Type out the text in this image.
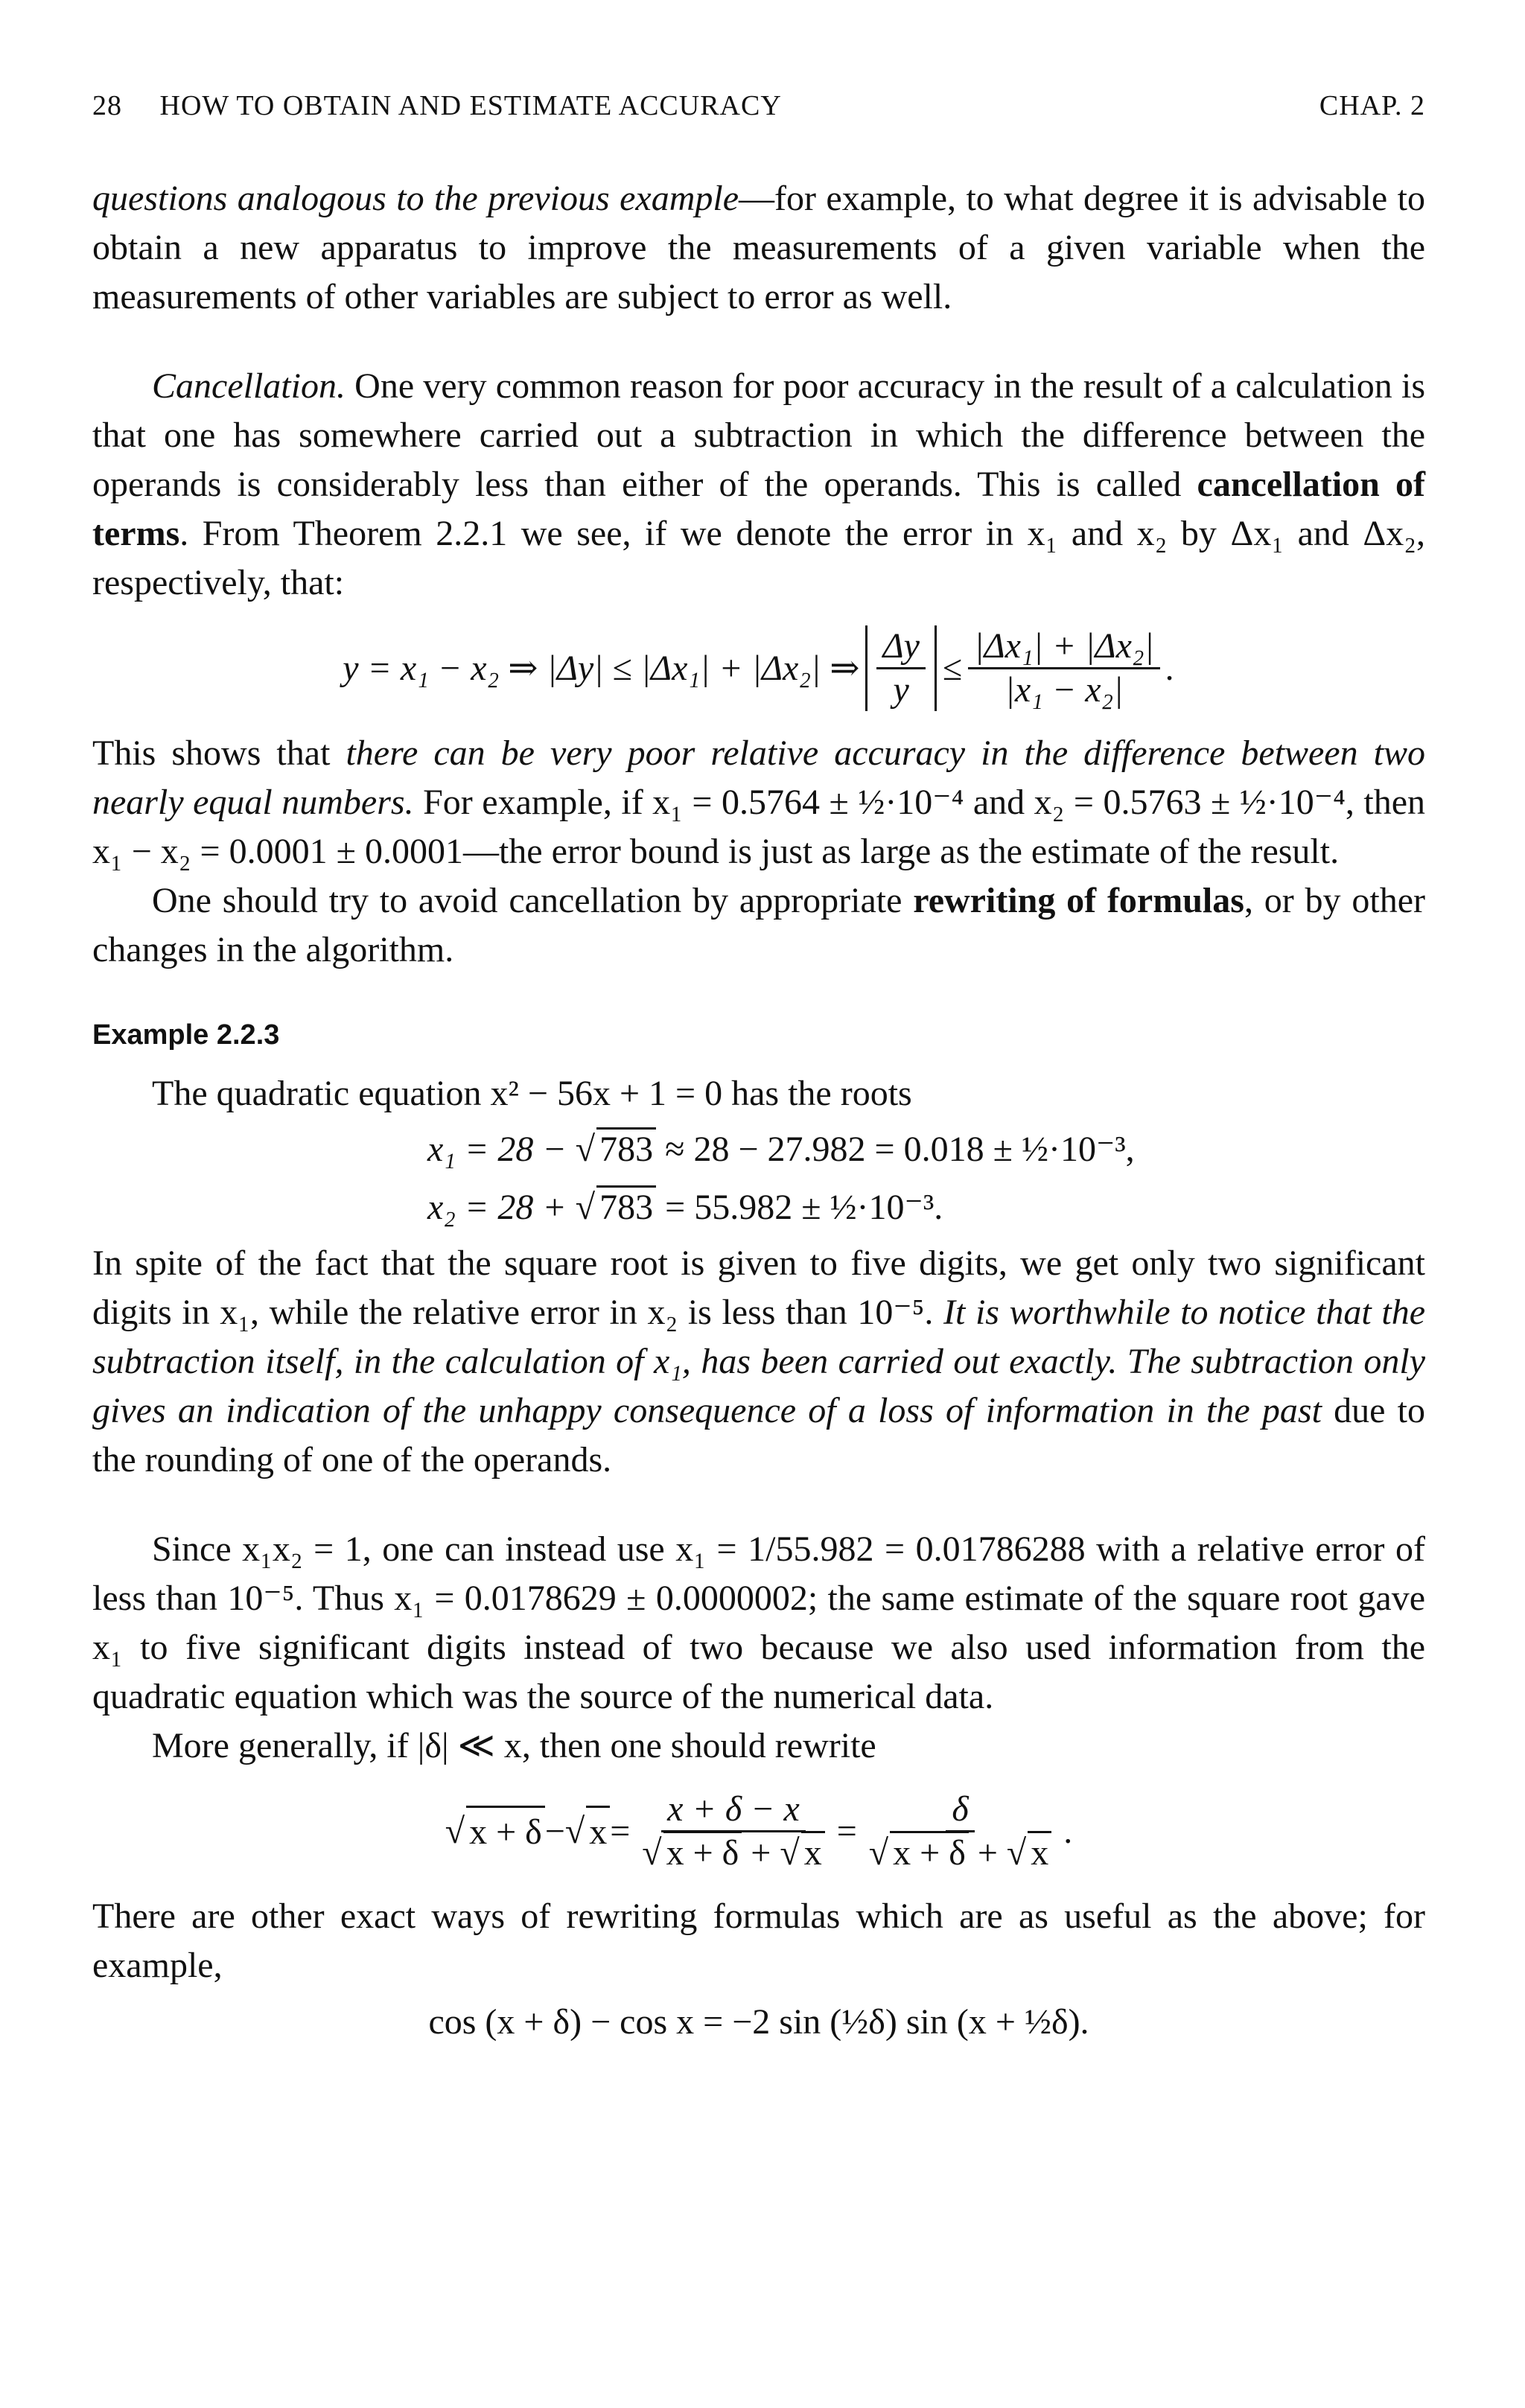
28 HOW TO OBTAIN AND ESTIMATE ACCURACY	CHAP. 2

questions analogous to the previous example—for example, to what degree it is advisable to obtain a new apparatus to improve the measurements of a given variable when the measurements of other variables are subject to error as well.

Cancellation. One very common reason for poor accuracy in the result of a calculation is that one has somewhere carried out a subtraction in which the difference between the operands is considerably less than either of the operands. This is called cancellation of terms. From Theorem 2.2.1 we see, if we denote the error in x₁ and x₂ by Δx₁ and Δx₂, respectively, that:

y = x₁ − x₂ ⇒ |Δy| ≤ |Δx₁| + |Δx₂| ⇒ $\frac{\Delta y}{y} \le \frac{\text{|Δx₁| + |Δx₂|}}{\text{|x₁ − x₂|}}$ .

This shows that there can be very poor relative accuracy in the difference between two nearly equal numbers. For example, if x₁ = 0.5764 ± ½·10⁻⁴ and x₂ = 0.5763 ± ½·10⁻⁴, then x₁ − x₂ = 0.0001 ± 0.0001—the error bound is just as large as the estimate of the result.

One should try to avoid cancellation by appropriate rewriting of formulas, or by other changes in the algorithm.

Example 2.2.3

The quadratic equation x² − 56x + 1 = 0 has the roots

x₁ = 28 − √ 783 ≈ 28 − 27.982 = 0.018 ± ½·10⁻³,
x₂ = 28 + √ 783 = 55.982 ± ½·10⁻³.

In spite of the fact that the square root is given to five digits, we get only two significant digits in x₁, while the relative error in x₂ is less than 10⁻⁵. It is worthwhile to notice that the subtraction itself, in the calculation of x₁, has been carried out exactly. The subtraction only gives an indication of the unhappy consequence of a loss of information in the past due to the rounding of one of the operands.

Since x₁x₂ = 1, one can instead use x₁ = 1/55.982 = 0.01786288 with a relative error of less than 10⁻⁵. Thus x₁ = 0.0178629 ± 0.0000002; the same estimate of the square root gave x₁ to five significant digits instead of two because we also used information from the quadratic equation which was the source of the numerical data.

More generally, if |δ| ≪ x, then one should rewrite

√ x + δ − √ $x = \frac{x + \delta - x}{√ x + \delta + √ x} = \frac{\delta}{√ x + \delta + √ x}$ .

There are other exact ways of rewriting formulas which are as useful as the above; for example,

cos (x + δ) − cos x = −2 sin (½δ) sin (x + ½δ).
